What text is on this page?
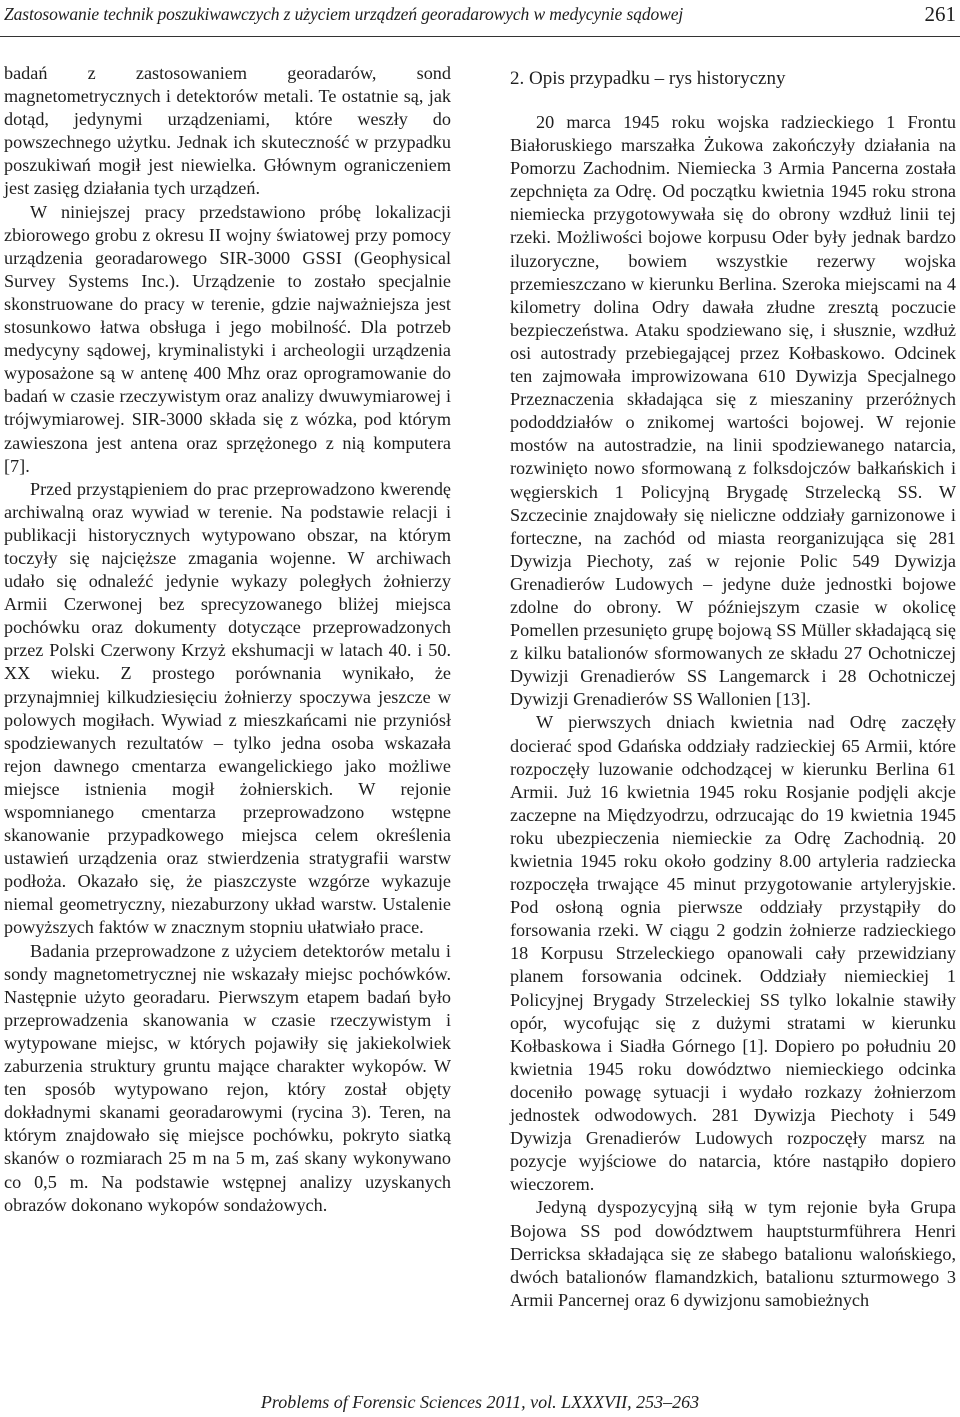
Zastosowanie technik poszukiwawczych z użyciem urządzeń georadarowych w medycynie sądowej	261

badań z zastosowaniem georadarów, sond magnetometrycznych i detektorów metali. Te ostatnie są, jak dotąd, jedynymi urządzeniami, które weszły do powszechnego użytku. Jednak ich skuteczność w przypadku poszukiwań mogił jest niewielka. Głównym ograniczeniem jest zasięg działania tych urządzeń.

W niniejszej pracy przedstawiono próbę lokalizacji zbiorowego grobu z okresu II wojny światowej przy pomocy urządzenia georadarowego SIR-3000 GSSI (Geophysical Survey Systems Inc.). Urządzenie to zostało specjalnie skonstruowane do pracy w terenie, gdzie najważniejsza jest stosunkowo łatwa obsługa i jego mobilność. Dla potrzeb medycyny sądowej, kryminalistyki i archeologii urządzenia wyposażone są w antenę 400 Mhz oraz oprogramowanie do badań w czasie rzeczywistym oraz analizy dwuwymiarowej i trójwymiarowej. SIR-3000 składa się z wózka, pod którym zawieszona jest antena oraz sprzężonego z nią komputera [7].

Przed przystąpieniem do prac przeprowadzono kwerendę archiwalną oraz wywiad w terenie. Na podstawie relacji i publikacji historycznych wytypowano obszar, na którym toczyły się najcięższe zmagania wojenne. W archiwach udało się odnaleźć jedynie wykazy poległych żołnierzy Armii Czerwonej bez sprecyzowanego bliżej miejsca pochówku oraz dokumenty dotyczące przeprowadzonych przez Polski Czerwony Krzyż ekshumacji w latach 40. i 50. XX wieku. Z prostego porównania wynikało, że przynajmniej kilkudziesięciu żołnierzy spoczywa jeszcze w polowych mogiłach. Wywiad z mieszkańcami nie przyniósł spodziewanych rezultatów – tylko jedna osoba wskazała rejon dawnego cmentarza ewangelickiego jako możliwe miejsce istnienia mogił żołnierskich. W rejonie wspomnianego cmentarza przeprowadzono wstępne skanowanie przypadkowego miejsca celem określenia ustawień urządzenia oraz stwierdzenia stratygrafii warstw podłoża. Okazało się, że piaszczyste wzgórze wykazuje niemal geometryczny, niezaburzony układ warstw. Ustalenie powyższych faktów w znacznym stopniu ułatwiało prace.

Badania przeprowadzone z użyciem detektorów metalu i sondy magnetometrycznej nie wskazały miejsc pochówków. Następnie użyto georadaru. Pierwszym etapem badań było przeprowadzenia skanowania w czasie rzeczywistym i wytypowane miejsc, w których pojawiły się jakiekolwiek zaburzenia struktury gruntu mające charakter wykopów. W ten sposób wytypowano rejon, który został objęty dokładnymi skanami georadarowymi (rycina 3). Teren, na którym znajdowało się miejsce pochówku, pokryto siatką skanów o rozmiarach 25 m na 5 m, zaś skany wykonywano co 0,5 m. Na podstawie wstępnej analizy uzyskanych obrazów dokonano wykopów sondażowych.

2. Opis przypadku – rys historyczny

20 marca 1945 roku wojska radzieckiego 1 Frontu Białoruskiego marszałka Żukowa zakończyły działania na Pomorzu Zachodnim. Niemiecka 3 Armia Pancerna została zepchnięta za Odrę. Od początku kwietnia 1945 roku strona niemiecka przygotowywała się do obrony wzdłuż linii tej rzeki. Możliwości bojowe korpusu Oder były jednak bardzo iluzoryczne, bowiem wszystkie rezerwy wojska przemieszczano w kierunku Berlina. Szeroka miejscami na 4 kilometry dolina Odry dawała złudne zresztą poczucie bezpieczeństwa. Ataku spodziewano się, i słusznie, wzdłuż osi autostrady przebiegającej przez Kołbaskowo. Odcinek ten zajmowała improwizowana 610 Dywizja Specjalnego Przeznaczenia składająca się z mieszaniny przeróżnych pododdziałów o znikomej wartości bojowej. W rejonie mostów na autostradzie, na linii spodziewanego natarcia, rozwinięto nowo sformowaną z folksdojczów bałkańskich i węgierskich 1 Policyjną Brygadę Strzelecką SS. W Szczecinie znajdowały się nieliczne oddziały garnizonowe i forteczne, na zachód od miasta reorganizująca się 281 Dywizja Piechoty, zaś w rejonie Polic 549 Dywizja Grenadierów Ludowych – jedyne duże jednostki bojowe zdolne do obrony. W późniejszym czasie w okolicę Pomellen przesunięto grupę bojową SS Müller składającą się z kilku batalionów sformowanych ze składu 27 Ochotniczej Dywizji Grenadierów SS Langemarck i 28 Ochotniczej Dywizji Grenadierów SS Wallonien [13].

W pierwszych dniach kwietnia nad Odrę zaczęły docierać spod Gdańska oddziały radzieckiej 65 Armii, które rozpoczęły luzowanie odchodzącej w kierunku Berlina 61 Armii. Już 16 kwietnia 1945 roku Rosjanie podjęli akcje zaczepne na Międzyodrzu, odrzucając do 19 kwietnia 1945 roku ubezpieczenia niemieckie za Odrę Zachodnią. 20 kwietnia 1945 roku około godziny 8.00 artyleria radziecka rozpoczęła trwające 45 minut przygotowanie artyleryjskie. Pod osłoną ognia pierwsze oddziały przystąpiły do forsowania rzeki. W ciągu 2 godzin żołnierze radzieckiego 18 Korpusu Strzeleckiego opanowali cały przewidziany planem forsowania odcinek. Oddziały niemieckiej 1 Policyjnej Brygady Strzeleckiej SS tylko lokalnie stawiły opór, wycofując się z dużymi stratami w kierunku Kołbaskowa i Siadła Górnego [1]. Dopiero po południu 20 kwietnia 1945 roku dowództwo niemieckiego odcinka doceniło powagę sytuacji i wydało rozkazy żołnierzom jednostek odwodowych. 281 Dywizja Piechoty i 549 Dywizja Grenadierów Ludowych rozpoczęły marsz na pozycje wyjściowe do natarcia, które nastąpiło dopiero wieczorem.

Jedyną dyspozycyjną siłą w tym rejonie była Grupa Bojowa SS pod dowództwem hauptsturmführera Henri Derricksa składająca się ze słabego batalionu walońskiego, dwóch batalionów flamandzkich, batalionu szturmowego 3 Armii Pancernej oraz 6 dywizjonu samobieżnych

Problems of Forensic Sciences 2011, vol. LXXXVII, 253–263
